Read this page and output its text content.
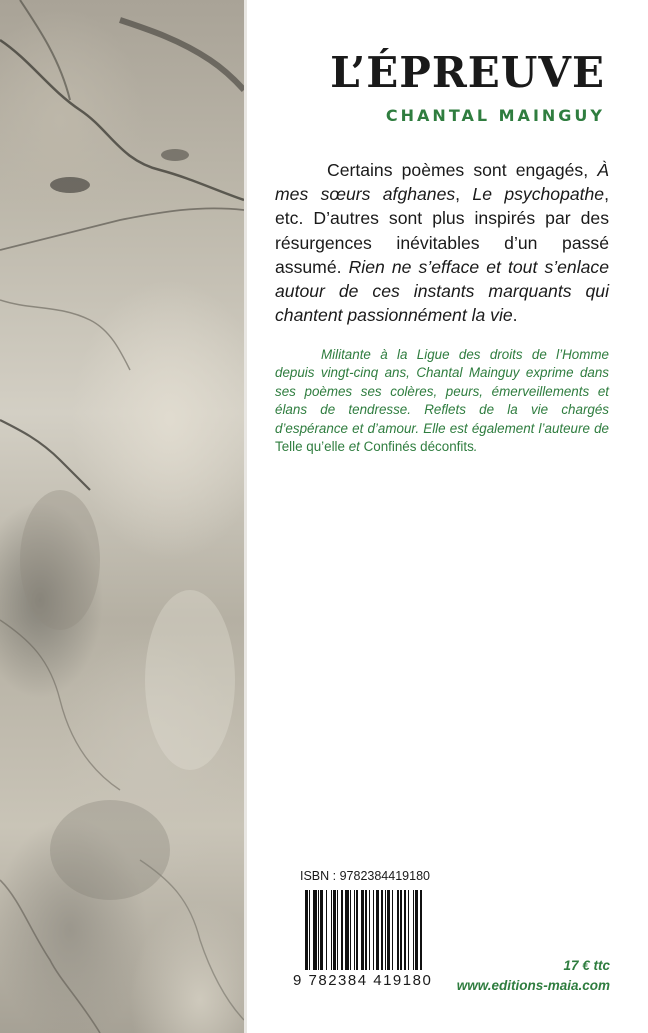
L’ÉPREUVE

CHANTAL MAINGUY

Certains poèmes sont engagés, À mes sœurs afghanes, Le psychopathe, etc. D’autres sont plus inspirés par des résurgences inévitables d’un passé assumé. Rien ne s’efface et tout s’enlace autour de ces instants marquants qui chantent passionnément la vie.

Militante à la Ligue des droits de l’Homme depuis vingt-cinq ans, Chantal Mainguy exprime dans ses poèmes ses colères, peurs, émerveillements et élans de tendresse. Reflets de la vie chargés d’espérance et d’amour. Elle est également l’auteure de Telle qu’elle et Confinés déconfits.

ISBN : 9782384419180

9 782384 419180

17 € ttc

www.editions-maia.com
